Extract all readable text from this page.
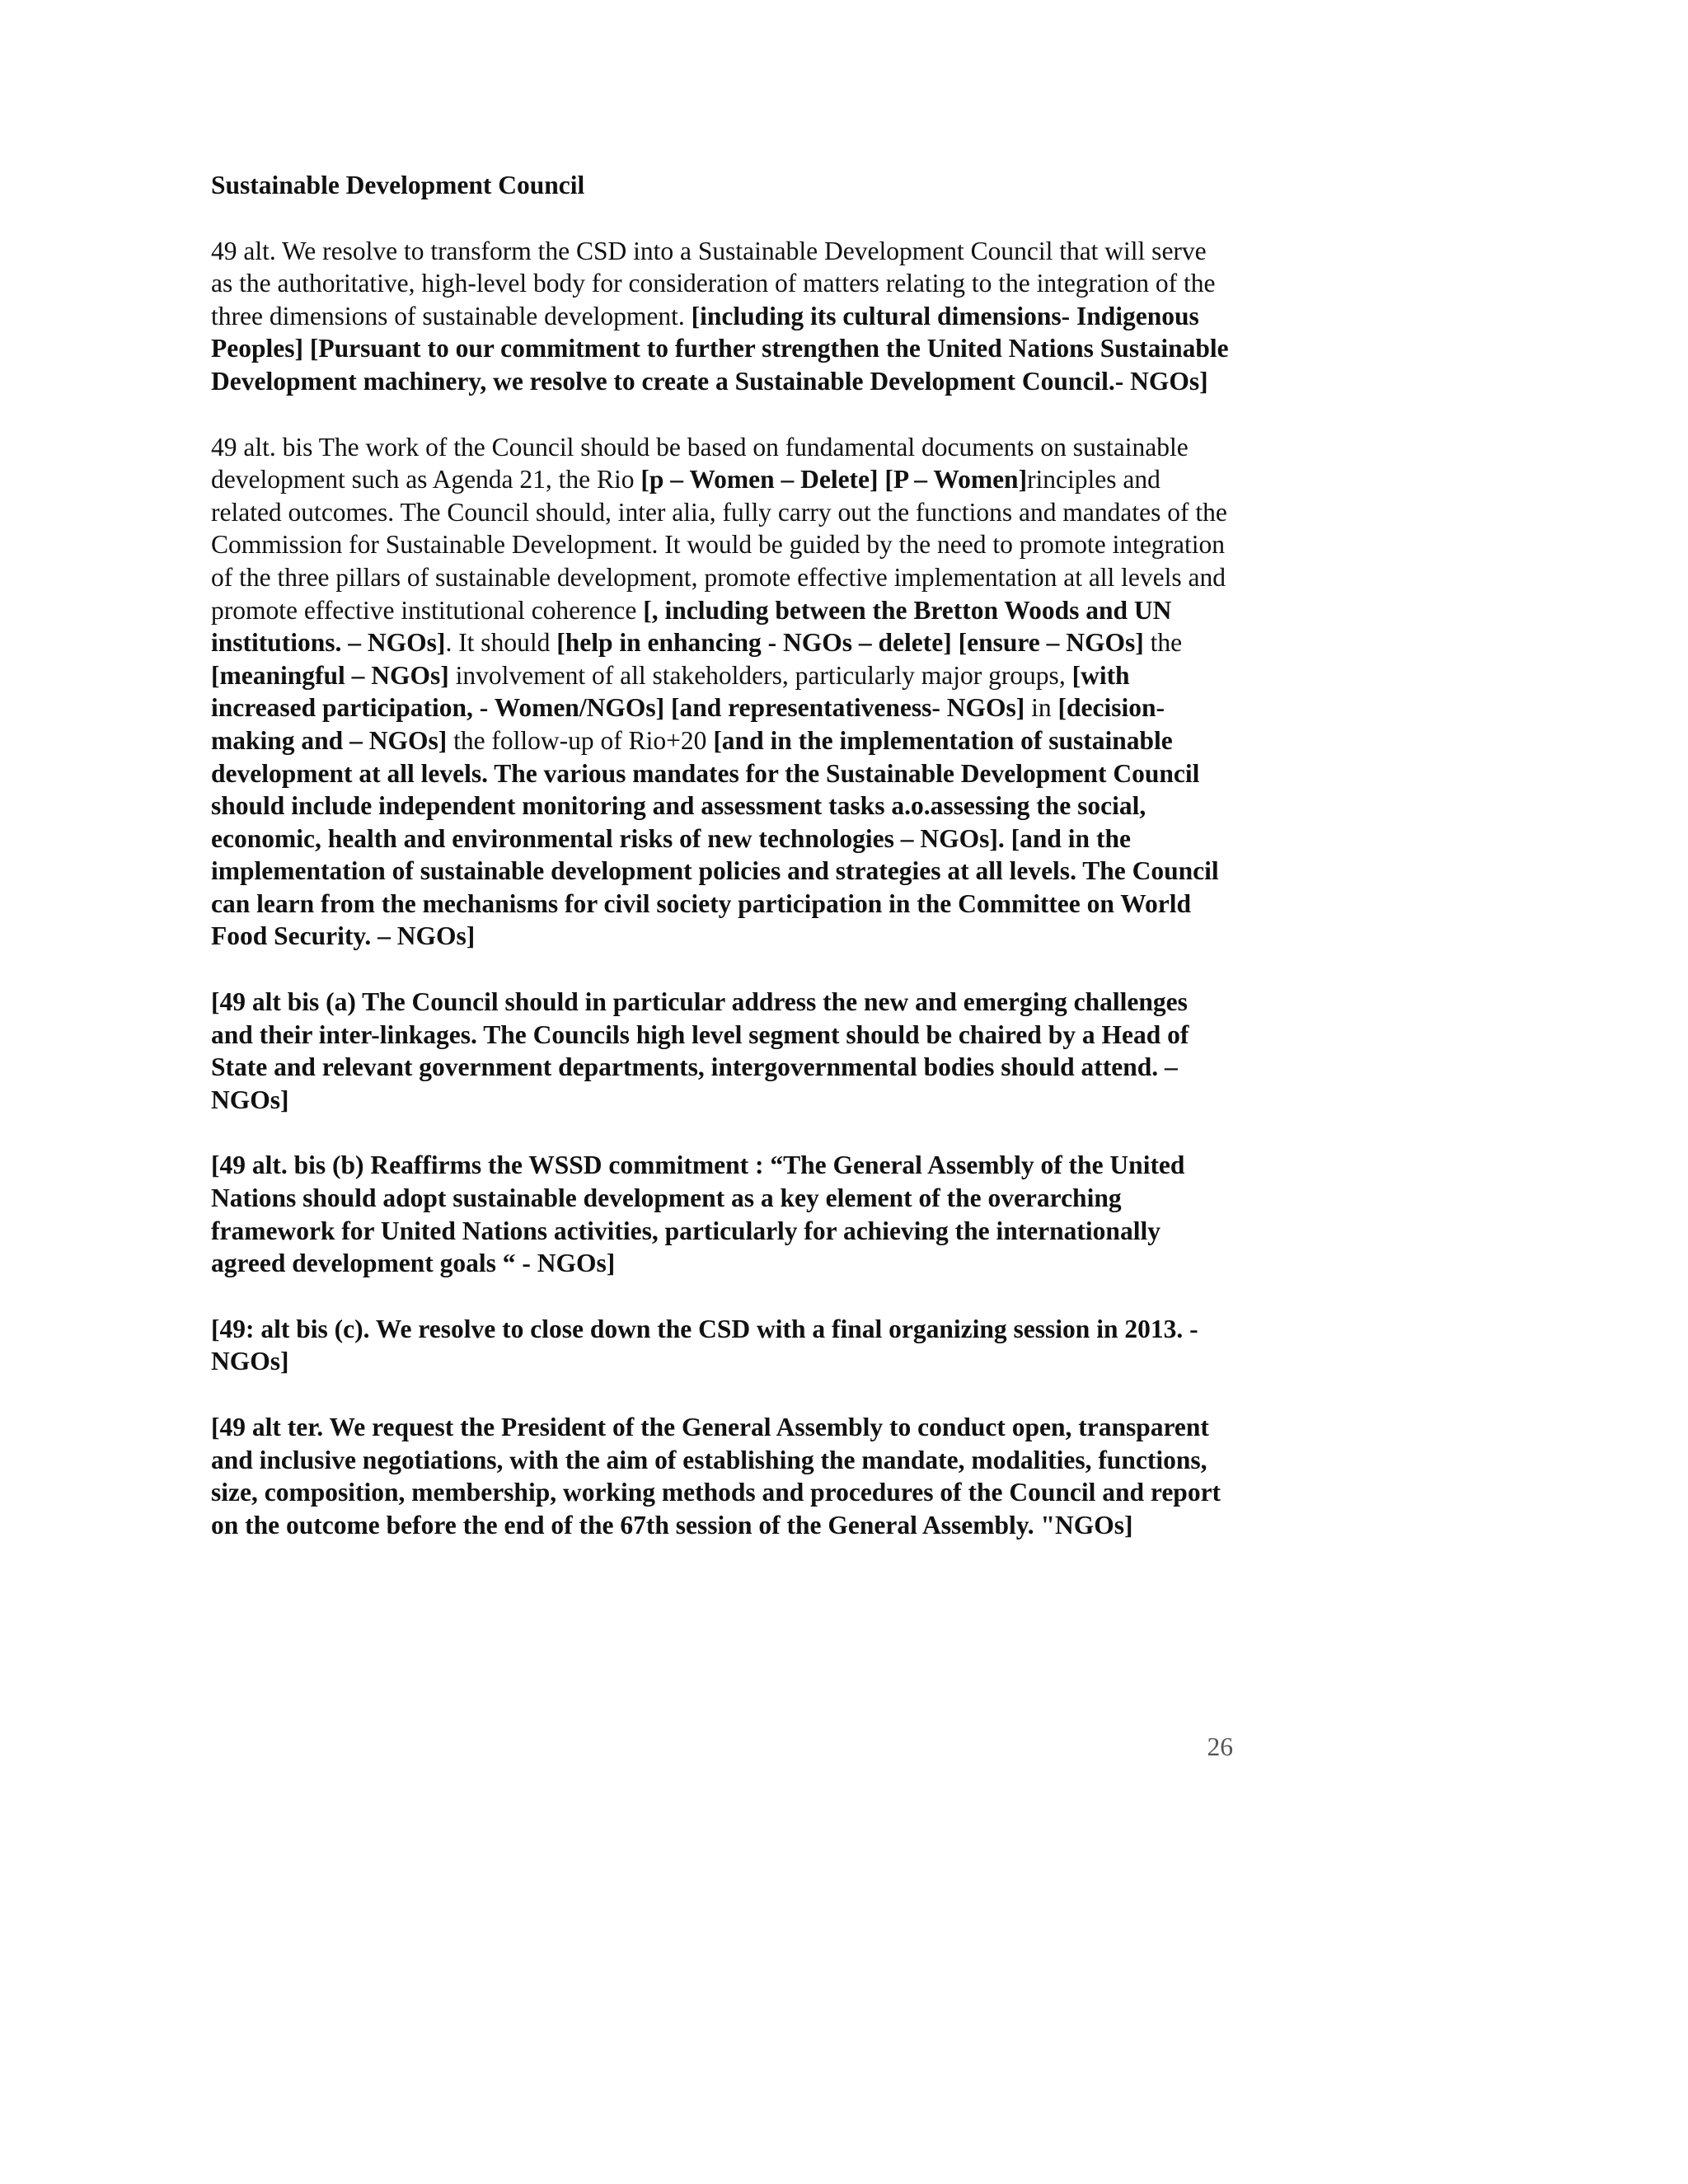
Sustainable Development Council

49 alt. We resolve to transform the CSD into a Sustainable Development Council that will serve as the authoritative, high-level body for consideration of matters relating to the integration of the three dimensions of sustainable development. [including its cultural dimensions- Indigenous Peoples] [Pursuant to our commitment to further strengthen the United Nations Sustainable Development machinery, we resolve to create a Sustainable Development Council.- NGOs]

49 alt. bis The work of the Council should be based on fundamental documents on sustainable development such as Agenda 21, the Rio [p – Women – Delete] [P – Women]rinciples and related outcomes. The Council should, inter alia, fully carry out the functions and mandates of the Commission for Sustainable Development. It would be guided by the need to promote integration of the three pillars of sustainable development, promote effective implementation at all levels and promote effective institutional coherence [, including between the Bretton Woods and UN institutions. – NGOs]. It should [help in enhancing - NGOs – delete] [ensure – NGOs] the [meaningful – NGOs] involvement of all stakeholders, particularly major groups, [with increased participation, - Women/NGOs] [and representativeness- NGOs] in [decision-making and – NGOs] the follow-up of Rio+20 [and in the implementation of sustainable development at all levels. The various mandates for the Sustainable Development Council should include independent monitoring and assessment tasks a.o.assessing the social, economic, health and environmental risks of new technologies – NGOs]. [and in the implementation of sustainable development policies and strategies at all levels. The Council can learn from the mechanisms for civil society participation in the Committee on World Food Security. – NGOs]

[49 alt bis (a) The Council should in particular address the new and emerging challenges and their inter-linkages. The Councils high level segment should be chaired by a Head of State and relevant government departments, intergovernmental bodies should attend. – NGOs]

[49 alt. bis (b) Reaffirms the WSSD commitment : “The General Assembly of the United Nations should adopt sustainable development as a key element of the overarching framework for United Nations activities, particularly for achieving the internationally agreed development goals “ - NGOs]

[49: alt bis (c). We resolve to close down the CSD with a final organizing session in 2013. - NGOs]

[49 alt ter. We request the President of the General Assembly to conduct open, transparent and inclusive negotiations, with the aim of establishing the mandate, modalities, functions, size, composition, membership, working methods and procedures of the Council and report on the outcome before the end of the 67th session of the General Assembly. "NGOs]

26
